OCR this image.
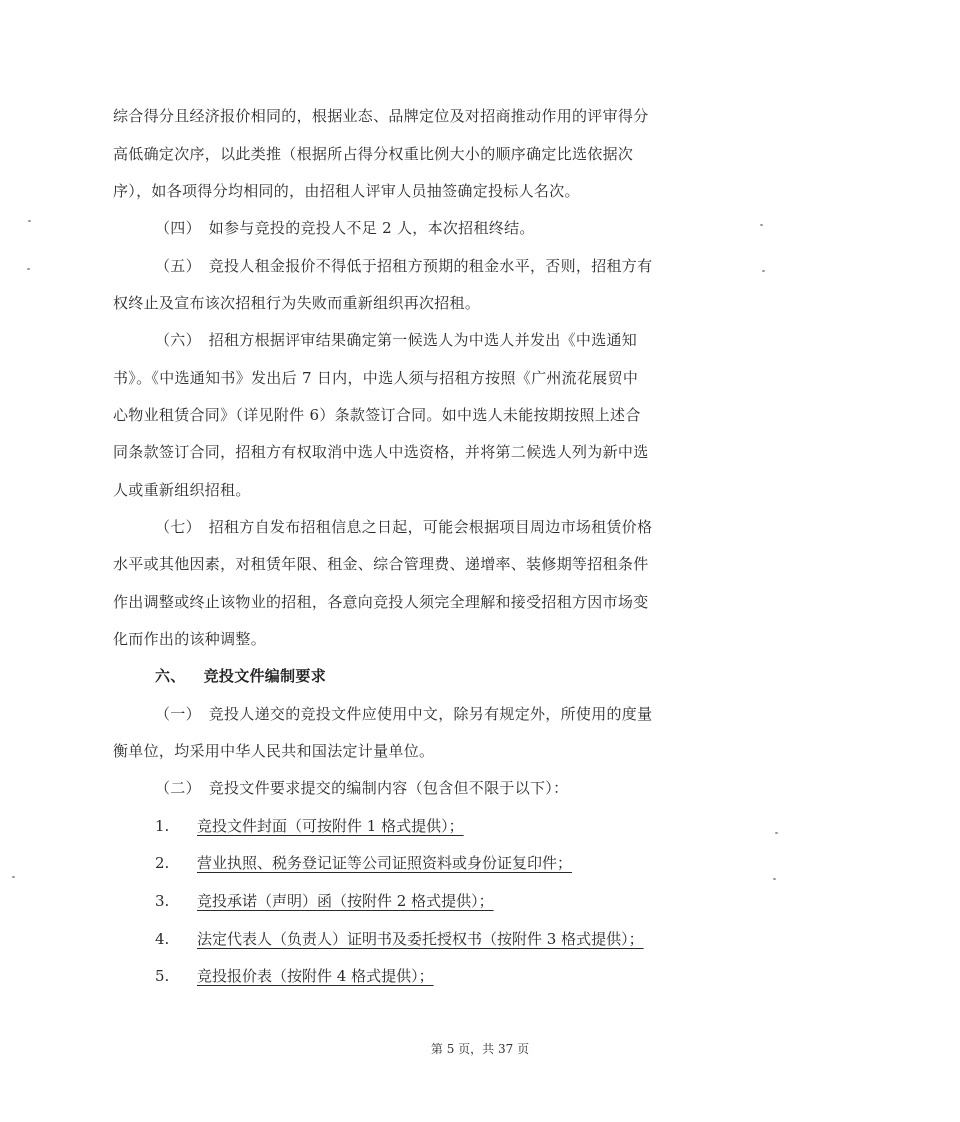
综合得分且经济报价相同的，根据业态、品牌定位及对招商推动作用的评审得分
高低确定次序，以此类推（根据所占得分权重比例大小的顺序确定比选依据次
序），如各项得分均相同的，由招租人评审人员抽签确定投标人名次。
（四）　如参与竞投的竞投人不足 2 人，本次招租终结。
（五）　竞投人租金报价不得低于招租方预期的租金水平，否则，招租方有
权终止及宣布该次招租行为失败而重新组织再次招租。
（六）　招租方根据评审结果确定第一候选人为中选人并发出《中选通知
书》。《中选通知书》发出后 7 日内，中选人须与招租方按照《广州流花展贸中
心物业租赁合同》（详见附件 6）条款签订合同。如中选人未能按期按照上述合
同条款签订合同，招租方有权取消中选人中选资格，并将第二候选人列为新中选
人或重新组织招租。
（七）　招租方自发布招租信息之日起，可能会根据项目周边市场租赁价格
水平或其他因素，对租赁年限、租金、综合管理费、递增率、装修期等招租条件
作出调整或终止该物业的招租，各意向竞投人须完全理解和接受招租方因市场变
化而作出的该种调整。
六、 竞投文件编制要求
（一）　竞投人递交的竞投文件应使用中文，除另有规定外，所使用的度量
衡单位，均采用中华人民共和国法定计量单位。
（二）　竞投文件要求提交的编制内容（包含但不限于以下）：
1. 竞投文件封面（可按附件 1 格式提供）；
2. 营业执照、税务登记证等公司证照资料或身份证复印件；
3. 竞投承诺（声明）函（按附件 2 格式提供）；
4. 法定代表人（负责人）证明书及委托授权书（按附件 3 格式提供）；
5. 竞投报价表（按附件 4 格式提供）；
第 5 页，共 37 页
